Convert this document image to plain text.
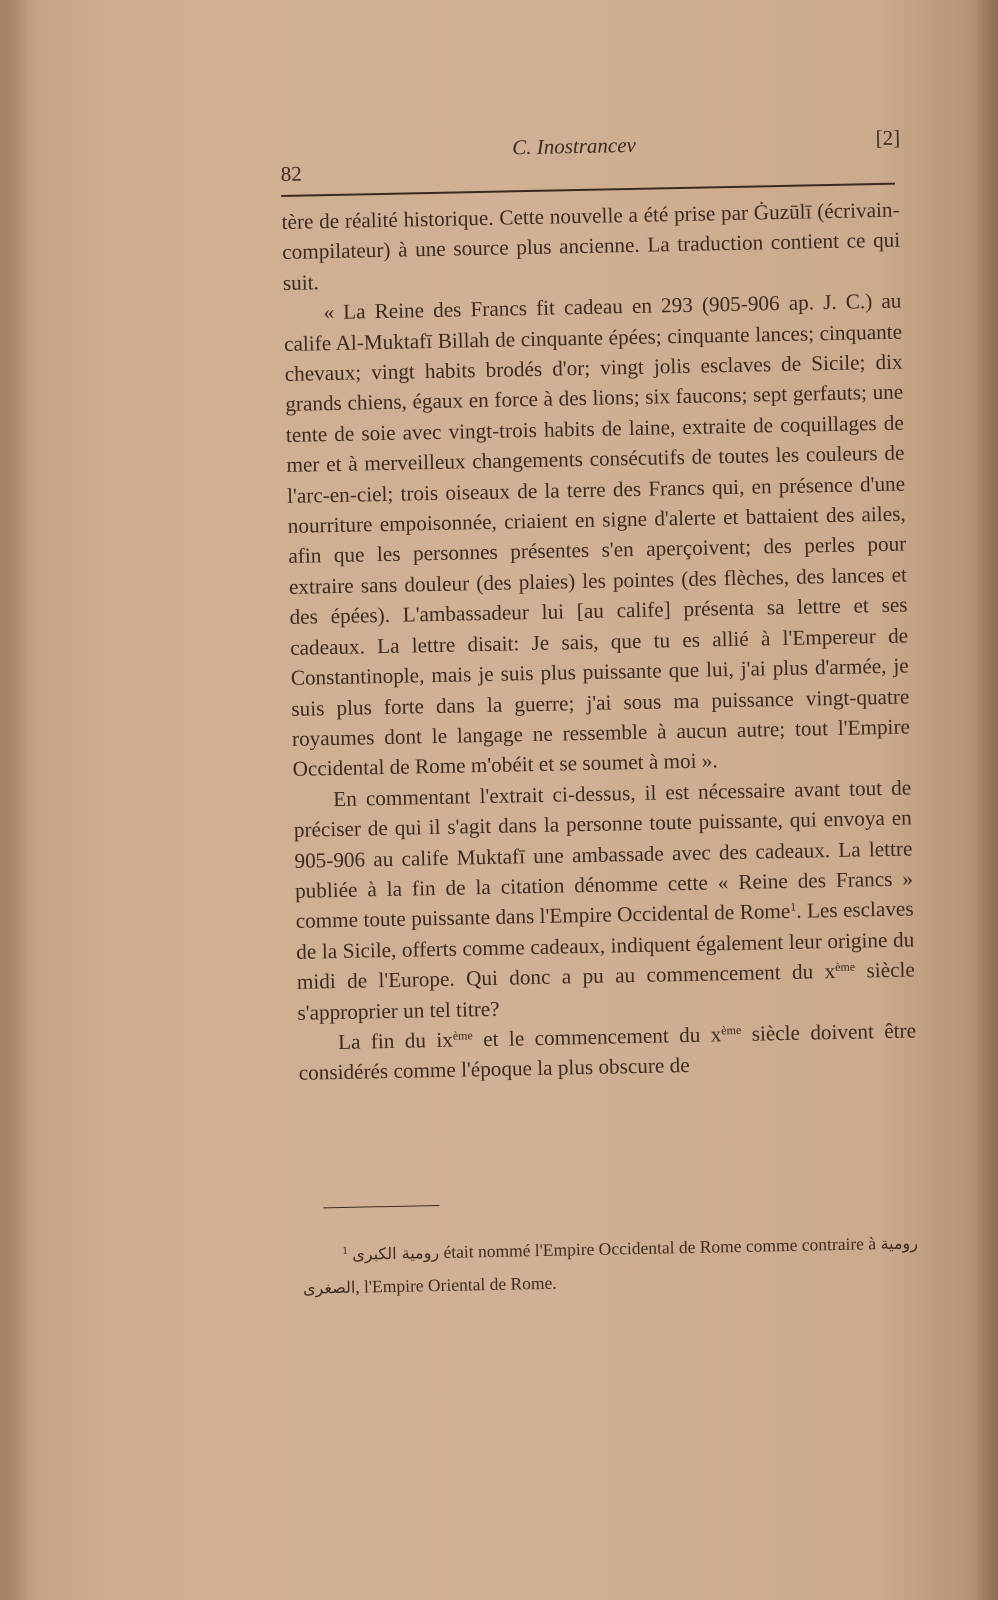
82
C. Inostrancev	[2]

tère de réalité historique. Cette nouvelle a été prise par Ġuzūlī (écrivain-compilateur) à une source plus ancienne. La traduction contient ce qui suit.

« La Reine des Francs fit cadeau en 293 (905-906 ap. J. C.) au calife Al-Muktafī Billah de cinquante épées; cinquante lances; cinquante chevaux; vingt habits brodés d'or; vingt jolis esclaves de Sicile; dix grands chiens, égaux en force à des lions; six faucons; sept gerfauts; une tente de soie avec vingt-trois habits de laine, extraite de coquillages de mer et à merveilleux changements consécutifs de toutes les couleurs de l'arc-en-ciel; trois oiseaux de la terre des Francs qui, en présence d'une nourriture empoisonnée, criaient en signe d'alerte et battaient des ailes, afin que les personnes présentes s'en aperçoivent; des perles pour extraire sans douleur (des plaies) les pointes (des flèches, des lances et des épées). L'ambassadeur lui [au calife] présenta sa lettre et ses cadeaux. La lettre disait: Je sais, que tu es allié à l'Empereur de Constantinople, mais je suis plus puissante que lui, j'ai plus d'armée, je suis plus forte dans la guerre; j'ai sous ma puissance vingt-quatre royaumes dont le langage ne ressemble à aucun autre; tout l'Empire Occidental de Rome m'obéit et se soumet à moi ».

En commentant l'extrait ci-dessus, il est nécessaire avant tout de préciser de qui il s'agit dans la personne toute puissante, qui envoya en 905-906 au calife Muktafī une ambassade avec des cadeaux. La lettre publiée à la fin de la citation dénomme cette « Reine des Francs » comme toute puissante dans l'Empire Occidental de Rome$^1$. Les esclaves de la Sicile, offerts comme cadeaux, indiquent également leur origine du midi de l'Europe. Qui donc a pu au commencement du $x^{ème}$ siècle s'approprier un tel titre?

La fin du $ix^{ème}$ et le commencement du $x^{ème}$ siècle doivent être considérés comme l'époque la plus obscure de

$^1$ رومية الكبرى était nommé l'Empire Occidental de Rome comme contraire à رومية الصغرى, l'Empire Oriental de Rome.
